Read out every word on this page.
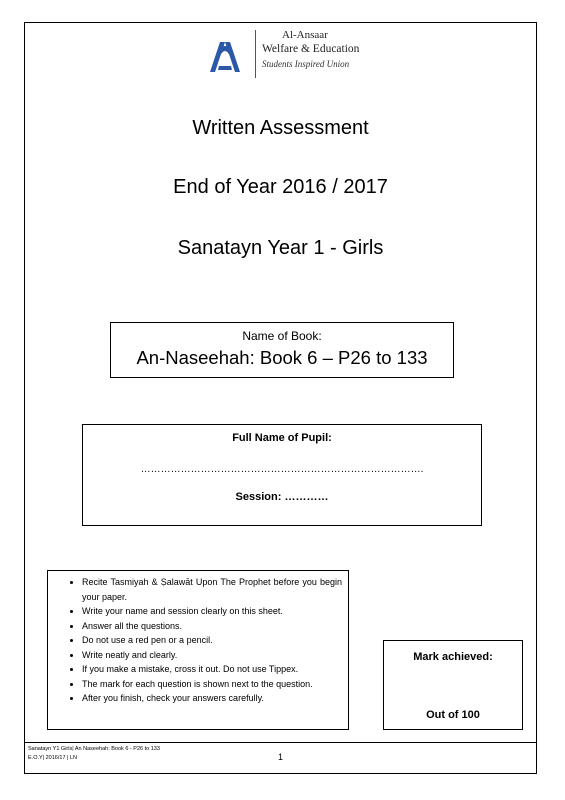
Al-Ansaar
Welfare & Education
Students Inspired Union
Written Assessment
End of Year 2016 / 2017
Sanatayn Year 1 - Girls
Name of Book:
An-Naseehah: Book 6 – P26 to 133
Full Name of Pupil:
………………………………………………………………………….
Session: …………
• Recite Tasmiyah & Ṣalawāt Upon The Prophet before you begin your paper.
• Write your name and session clearly on this sheet.
• Answer all the questions.
• Do not use a red pen or a pencil.
• Write neatly and clearly.
• If you make a mistake, cross it out. Do not use Tippex.
• The mark for each question is shown next to the question.
• After you finish, check your answers carefully.
Mark achieved:
Out of 100
Sanatayn Y1 Girls| An Naseehah: Book 6 - P26 to 133
E.O.Y| 2016/17 | LN	1
